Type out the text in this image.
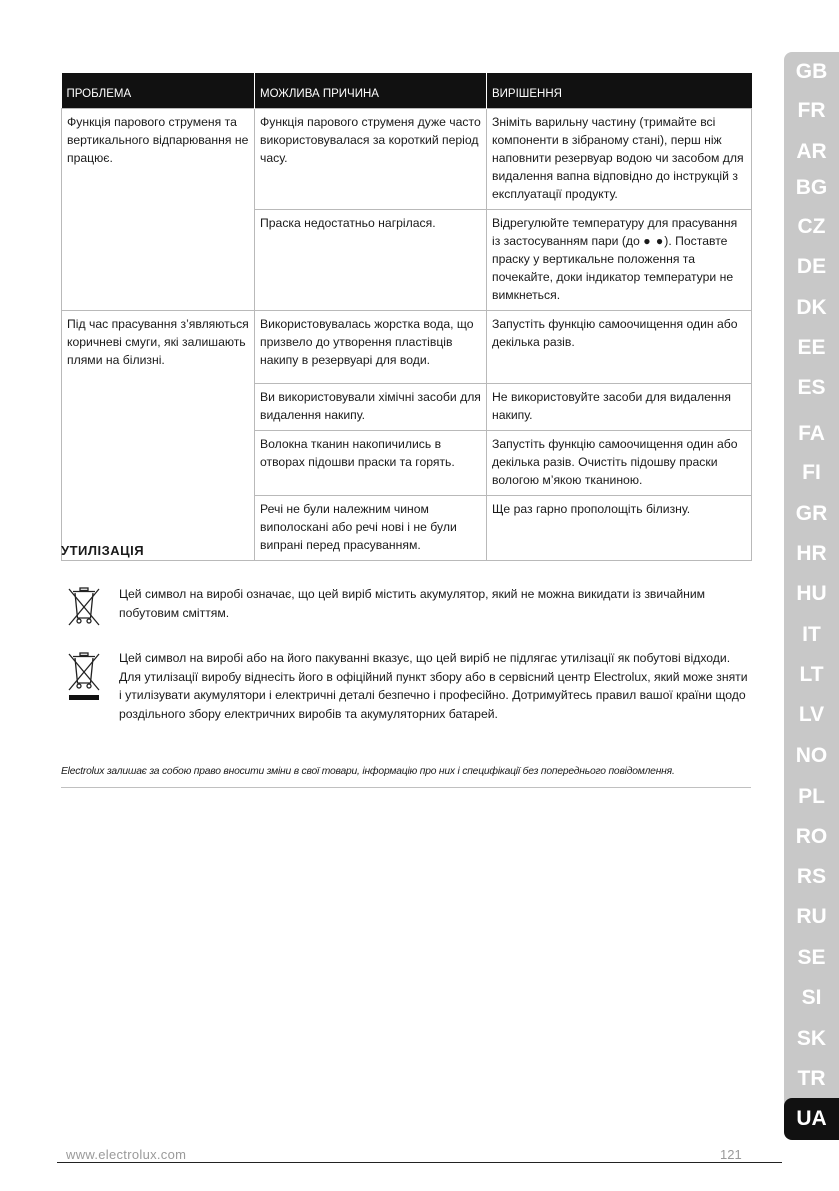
GB
FR
AR
BG
CZ
DE
DK
EE
ES
FA
FI
GR
HR
HU
IT
LT
LV
NO
PL
RO
RS
RU
SE
SI
SK
TR
UA
ПРОБЛЕМА	МОЖЛИВА ПРИЧИНА	ВИРІШЕННЯ
Функція парового струменя та вертикального відпарювання не працює.	Функція парового струменя дуже часто використовувалася за короткий період часу.	Зніміть варильну частину (тримайте всі компоненти в зібраному стані), перш ніж наповнити резервуар водою чи засобом для видалення вапна відповідно до інструкцій з експлуатації продукту.
	Праска недостатньо нагрілася.	Відрегулюйте температуру для прасування із застосуванням пари (до ● ●). Поставте праску у вертикальне положення та почекайте, доки індикатор температури не вимкнеться.
Під час прасування з’являються коричневі смуги, які залишають плями на білизні.	Використовувалась жорстка вода, що призвело до утворення пластівців накипу в резервуарі для води.	Запустіть функцію самоочищення один або декілька разів.
	Ви використовували хімічні засоби для видалення накипу.	Не використовуйте засоби для видалення накипу.
	Волокна тканин накопичились в отворах підошви праски та горять.	Запустіть функцію самоочищення один або декілька разів. Очистіть підошву праски вологою м’якою тканиною.
	Речі не були належним чином виполоскані або речі нові і не були випрані перед прасуванням.	Ще раз гарно прополощіть білизну.
УТИЛІЗАЦІЯ
Цей символ на виробі означає, що цей виріб містить акумулятор, який не можна викидати із звичайним побутовим сміттям.
Цей символ на виробі або на його пакуванні вказує, що цей виріб не підлягає утилізації як побутові відходи. Для утилізації виробу віднесіть його в офіційний пункт збору або в сервісний центр Electrolux, який може зняти і утилізувати акумулятори і електричні деталі безпечно і професійно. Дотримуйтесь правил вашої країни щодо роздільного збору електричних виробів та акумуляторних батарей.
Electrolux залишає за собою право вносити зміни в свої товари, інформацію про них і специфікації без попереднього повідомлення.
www.electrolux.com	121
